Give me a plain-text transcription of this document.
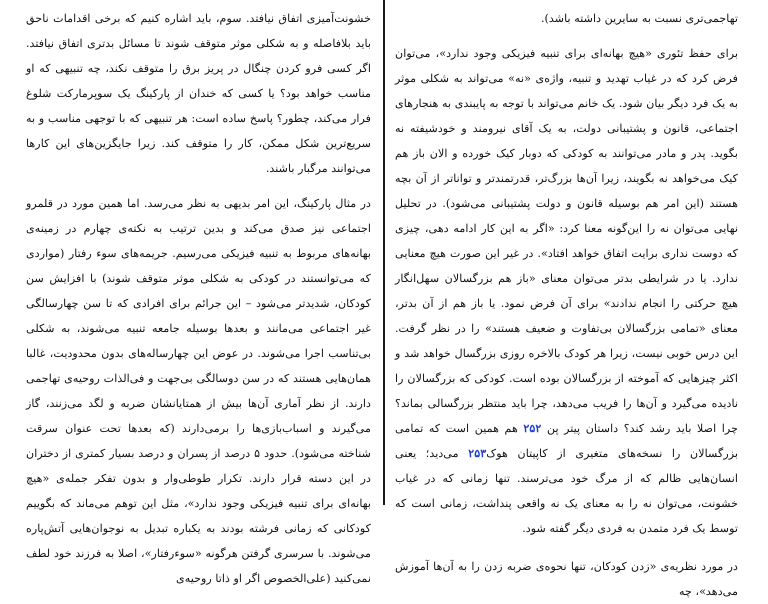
خشونت‌آمیزی اتفاق نیافتد. سوم، باید اشاره کنیم که برخی اقدامات ناحق باید بلافاصله و به شکلی موثر متوقف شوند تا مسائل بدتری اتفاق نیافتد. اگر کسی فرو کردن چنگال در پریز برق را متوقف نکند، چه تنبیهی که او مناسب خواهد بود؟ یا کسی که خندان از پارکینگ یک سوپرمارکت شلوغ فرار می‌کند، چطور؟ پاسخ ساده است: هر تنبیهی که با توجهی مناسب و به سریع‌ترین شکل ممکن، کار را متوقف کند. زیرا جایگزین‌های این کارها می‌توانند مرگبار باشند.

در مثال پارکینگ، این امر بدیهی به نظر می‌رسد. اما همین مورد در قلمرو اجتماعی نیز صدق می‌کند و بدین ترتیب به نکته‌ی چهارم در زمینه‌ی بهانه‌های مربوط به تنبیه فیزیکی می‌رسیم. جریمه‌های سوء رفتار (مواردی که می‌توانستند در کودکی به شکلی موثر متوقف شوند) با افزایش سن کودکان، شدیدتر می‌شود – این جرائم برای افرادی که تا سن چهارسالگی غیر اجتماعی می‌مانند و بعدها بوسیله جامعه تنبیه می‌شوند، به شکلی بی‌تناسب اجرا می‌شوند. در عوض این چهارساله‌های بدون محدودیت، غالبا همان‌هایی هستند که در سن دوسالگی بی‌جهت و فی‌الذات روحیه‌ی تهاجمی دارند. از نظر آماری آن‌ها بیش از همتایانشان ضربه و لگد می‌زنند، گاز می‌گیرند و اسباب‌بازی‌ها را برمی‌دارند (که بعدها تحت عنوان سرقت شناخته می‌شود). حدود ۵ درصد از پسران و درصد بسیار کمتری از دختران در این دسته قرار دارند. تکرار طوطی‌وار و بدون تفکر جمله‌ی «هیچ بهانه‌ای برای تنبیه فیزیکی وجود ندارد»، مثل این توهم می‌ماند که بگوییم کودکانی که زمانی فرشته بودند به یکباره تبدیل به نوجوان‌هایی آتش‌پاره می‌شوند. با سرسری گرفتن هرگونه «سوء‌رفتار»، اصلا به فرزند خود لطف نمی‌کنید (علی‌الخصوص اگر او ذاتا روحیه‌ی

تهاجمی‌تری نسبت به سایرین داشته باشد).

برای حفظ تئوری «هیچ بهانه‌ای برای تنبیه فیزیکی وجود ندارد»، می‌توان فرض کرد که در غیاب تهدید و تنبیه، واژه‌ی «نه» می‌تواند به شکلی موثر به یک فرد دیگر بیان شود. یک خانم می‌تواند با توجه به پایبندی به هنجارهای اجتماعی، قانون و پشتیبانی دولت، به یک آقای نیرومند و خودشیفته نه بگوید. پدر و مادر می‌توانند به کودکی که دوبار کیک خورده و الان باز هم کیک می‌خواهد نه بگویند، زیرا آن‌ها بزرگ‌تر، قدرتمندتر و توانا‌تر از آن بچه هستند (این امر هم بوسیله قانون و دولت پشتیبانی می‌شود). در تحلیل نهایی می‌توان نه را این‌گونه معنا کرد: «اگر به این کار ادامه دهی، چیزی که دوست نداری برایت اتفاق خواهد افتاد». در غیر این صورت هیچ معنایی ندارد. یا در شرایطی بدتر می‌توان معنای «باز هم بزرگسالان سهل‌انگار هیچ حرکتی را انجام ندادند» برای آن فرض نمود. یا باز هم از آن بدتر، معنای «تمامی بزرگسالان بی‌تفاوت و ضعیف هستند» را در نظر گرفت. این درس خوبی نیست، زیرا هر کودک بالاخره روزی بزرگسال خواهد شد و اکثر چیزهایی که آموخته از بزرگسالان بوده است. کودکی که بزرگسالان را نادیده می‌گیرد و آن‌ها را فریب می‌دهد، چرا باید منتظر بزرگسالی بماند؟ چرا اصلا باید رشد کند؟ داستان پیتر پن ۲۵۲ هم همین است که تمامی بزرگسالان را نسخه‌های متغیری از کاپیتان هوک۲۵۳ می‌دید؛ یعنی انسان‌هایی ظالم که از مرگ خود می‌ترسند. تنها زمانی که در غیاب خشونت، می‌توان نه را به معنای یک نه واقعی پنداشت، زمانی است که توسط یک فرد متمدن به فردی دیگر گفته شود.

در مورد نظریه‌ی «زدن کودکان، تنها نحوه‌ی ضربه زدن را به آن‌ها آموزش می‌دهد»، چه
